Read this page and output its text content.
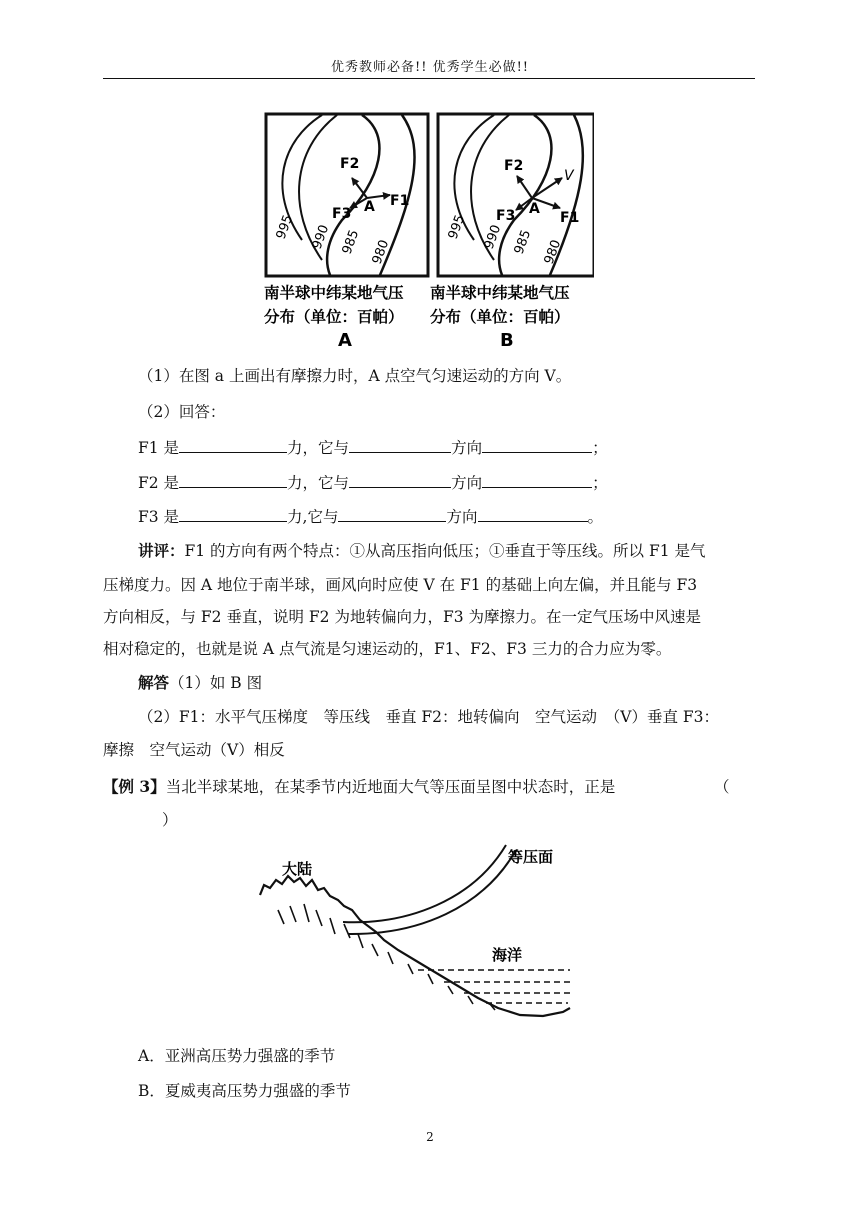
优秀教师必备!! 优秀学生必做!!
F2
F3 A F1
995 990 985 980
F2
F3 A
F1
V
995 990 985 980
南半球中纬某地气压 南半球中纬某地气压
分布（单位：百帕） 分布（单位：百帕）
A	B
（1）在图 a 上画出有摩擦力时，A 点空气匀速运动的方向 V。
（2）回答：
F1 是	力，它与	方向	；
F2 是	力，它与	方向	；
F3 是	力,它与	方向	。
讲评：F1 的方向有两个特点：①从高压指向低压；①垂直于等压线。所以 F1 是气
压梯度力。因 A 地位于南半球，画风向时应使 V 在 F1 的基础上向左偏，并且能与 F3
方向相反，与 F2 垂直，说明 F2 为地转偏向力，F3 为摩擦力。在一定气压场中风速是
相对稳定的，也就是说 A 点气流是匀速运动的，F1、F2、F3 三力的合力应为零。
解答（1）如 B 图
（2）F1：水平气压梯度　等压线　垂直 F2：地转偏向　空气运动　（V）垂直 F3：
摩擦　空气运动（V）相反
【例 3】当北半球某地，在某季节内近地面大气等压面呈图中状态时，正是	（
）
等压面
大陆
海洋
A．亚洲高压势力强盛的季节
B．夏威夷高压势力强盛的季节
2
